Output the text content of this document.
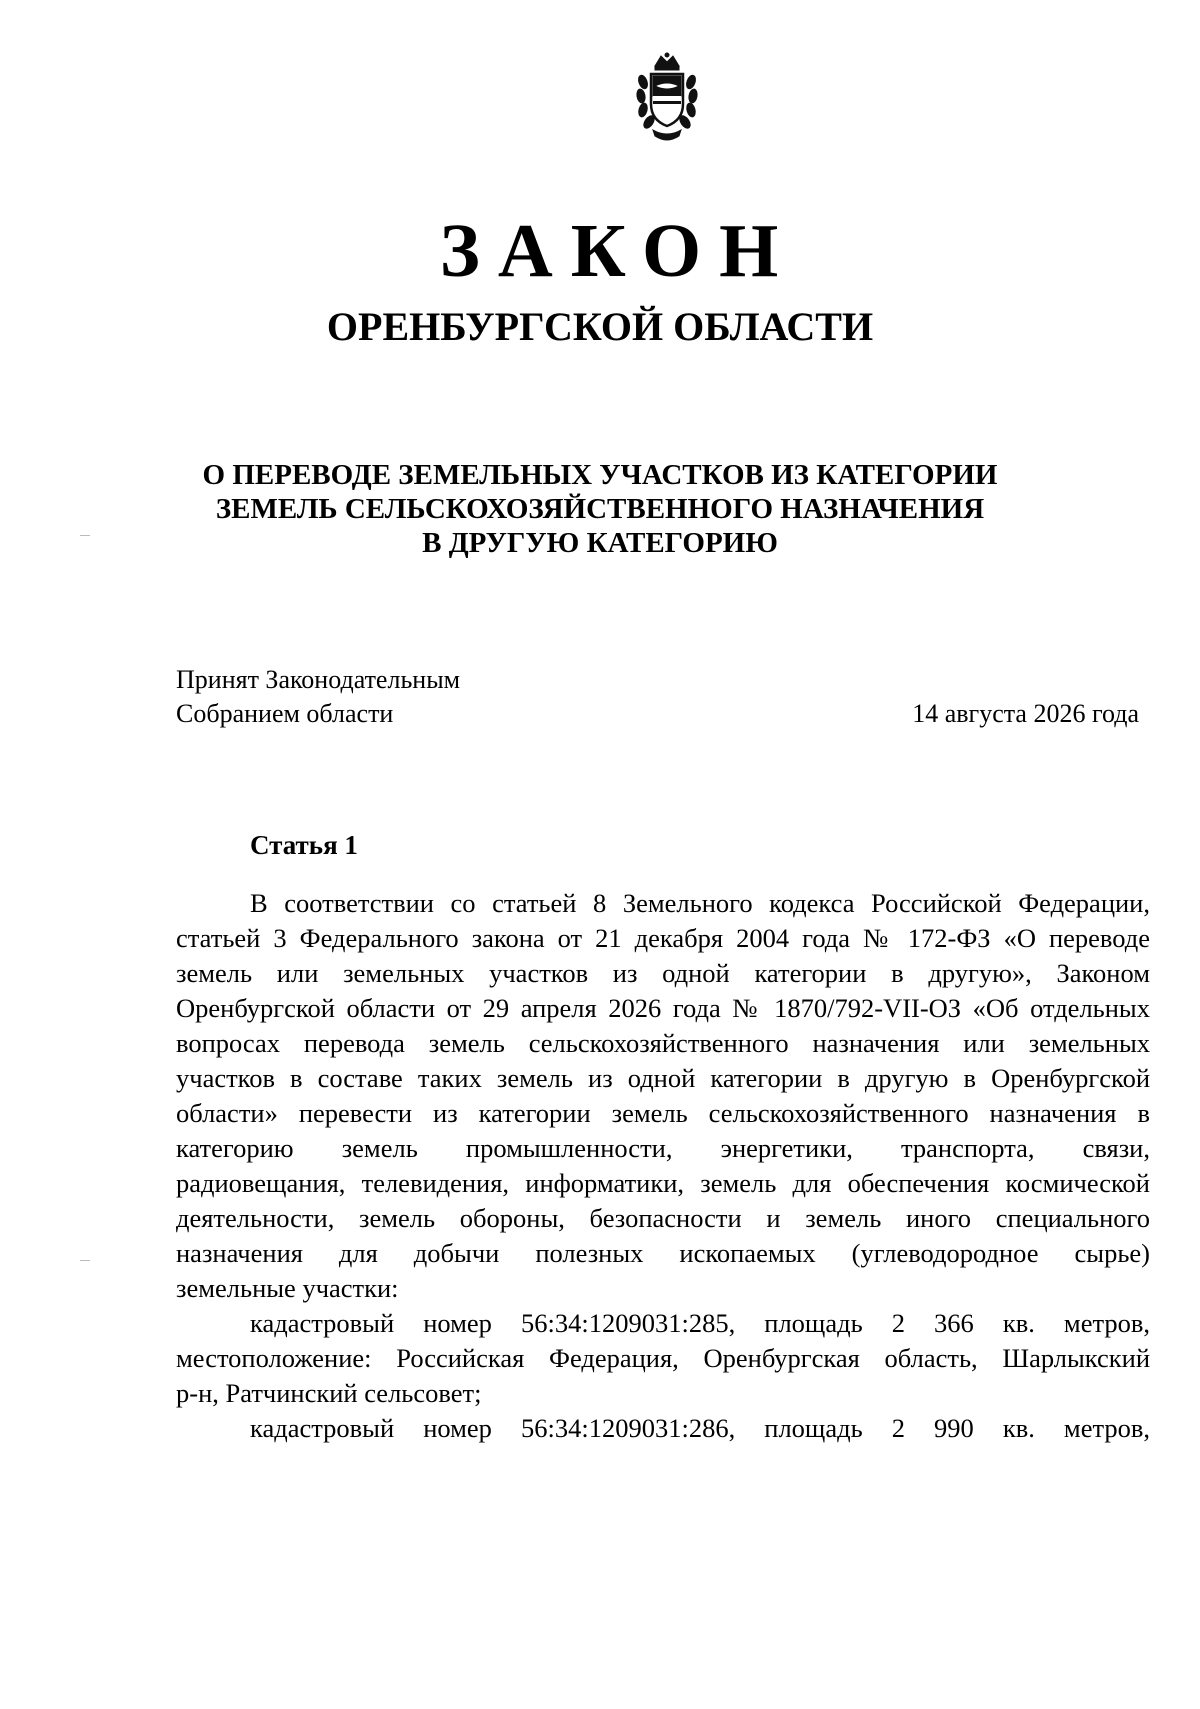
ЗАКОН
ОРЕНБУРГСКОЙ ОБЛАСТИ
О ПЕРЕВОДЕ ЗЕМЕЛЬНЫХ УЧАСТКОВ ИЗ КАТЕГОРИИ
ЗЕМЕЛЬ СЕЛЬСКОХОЗЯЙСТВЕННОГО НАЗНАЧЕНИЯ
В ДРУГУЮ КАТЕГОРИЮ
Принят Законодательным
Собранием области	14 августа 2026 года
Статья 1
В соответствии со статьей 8 Земельного кодекса Российской Федерации,
статьей 3 Федерального закона от 21 декабря 2004 года № 172-ФЗ «О переводе
земель или земельных участков из одной категории в другую», Законом
Оренбургской области от 29 апреля 2026 года № 1870/792-VII-ОЗ «Об отдельных
вопросах перевода земель сельскохозяйственного назначения или земельных
участков в составе таких земель из одной категории в другую в Оренбургской
области» перевести из категории земель сельскохозяйственного назначения в
категорию земель промышленности, энергетики, транспорта, связи,
радиовещания, телевидения, информатики, земель для обеспечения космической
деятельности, земель обороны, безопасности и земель иного специального
назначения для добычи полезных ископаемых (углеводородное сырье)
земельные участки:
кадастровый номер 56:34:1209031:285, площадь 2 366 кв. метров,
местоположение: Российская Федерация, Оренбургская область, Шарлыкский
р-н, Ратчинский сельсовет;
кадастровый номер 56:34:1209031:286, площадь 2 990 кв. метров,
